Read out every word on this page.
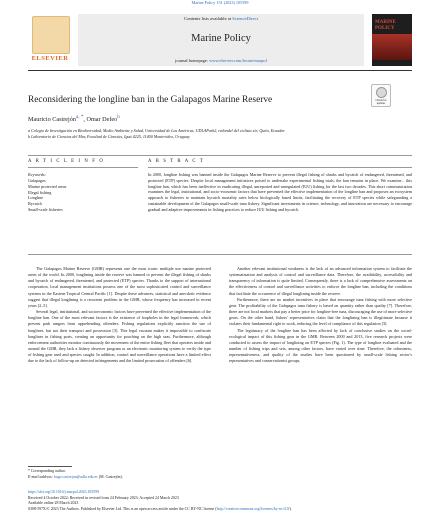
Marine Policy 151 (2023) 105599
ELSEVIER
Contents lists available at ScienceDirect
Marine Policy
journal homepage: www.elsevier.com/locate/marpol
MARINE POLICY
Check for updates
Reconsidering the longline ban in the Galapagos Marine Reserve
Mauricio Castrejón$^{a, *}$, Omar Defeo$^b$
a Colegio de Investigación en Biodiversidad, Medio Ambiente y Salud, Universidad de Las Américas, UDLAPark2, redondel del ciclista s/n, Quito, Ecuador
b Laboratorio de Ciencias del Mar, Facultad de Ciencias, Iguá 4225, 11400 Montevideo, Uruguay
A R T I C L E I N F O	A B S T R A C T
Keywords:
Galapagos
Marine protected areas
Illegal fishing
Longline
Bycatch
Small-scale fisheries
In 2000, longline fishing was banned inside the Galapagos Marine Reserve to prevent illegal fishing of sharks and bycatch of endangered, threatened, and protected (ETP) species. Despite local management initiatives poised to undertake experimental fishing trials, the ban remains in place. We examine... this longline ban, which has been ineffective in eradicating illegal, unreported and unregulated (IUU) fishing for the last two decades. This short communication examines the legal, institutional, and socio-economic factors that have prevented the effective implementation of the longline ban and proposes an ecosystem approach to fisheries to maintain bycatch mortality rates below biologically based limits, facilitating the recovery of ETP species while safeguarding a sustainable development of the Galapagos small-scale tuna fishery. Significant investments in science, technology, and innovation are necessary to encourage gradual and adaptive improvements in fishing practices to reduce IUU fishing and bycatch.

The Galapagos Marine Reserve (GMR) represents one the most iconic multiple use marine protected areas of the world. In 2000, longlining inside the reserve was banned to prevent the illegal fishing of sharks and bycatch of endangered, threatened, and protected (ETP) species. Thanks to the support of international cooperation, local management institutions possess one of the most sophisticated control and surveillance systems in the Eastern Tropical Central Pacific [1]. Despite these advances, statistical and anecdotic evidence suggest that illegal longlining is a recurrent problem in the GMR, whose frequency has increased in recent years [2–5].

Several legal, institutional, and socioeconomic factors have prevented the effective implementation of the longline ban. One of the most relevant factors is the existence of loopholes in the legal framework, which prevent park rangers from apprehending offenders. Fishing regulations explicitly sanction the use of longlines, but not their transport and possession [3]. This legal vacuum makes it impossible to confiscate longlines in fishing ports, creating an opportunity for poaching on the high seas. Furthermore, although enforcement authorities monitor continuously the movement of the entire fishing fleet that operates inside and around the GMR, they lack a fishery observer program or an electronic monitoring system to verify the type of fishing gear used and species caught. In addition, control and surveillance operations have a limited effect due to the lack of follow-up on detected infringements and the limited prosecution of offenders [6].

Another relevant institutional weakness is the lack of an advanced information system to facilitate the systematization and analysis of control and surveillance data. Therefore, the availability, accessibility and transparency of information is quite limited. Consequently, there is a lack of comprehensive assessments on the effectiveness of control and surveillance activities to enforce the longline ban, including the conditions that facilitate the occurrence of illegal longlining inside the reserve.

Furthermore, there are no market incentives in place that encourage tuna fishing with more selective gear. The profitability of the Galapagos tuna fishery is based on quantity rather than quality [7]. Therefore, there are not local markets that pay a better price for longline-free tuna, discouraging the use of more selective gears. On the other hand, fishers' representatives claim that the longlining ban is illegitimate because it violates their fundamental right to work, reducing the level of compliance of this regulation [3].

The legitimacy of the longline ban has been affected by lack of conclusive studies on the social-ecological impact of this fishing gear in the GMR. Between 2000 and 2013, five research projects were conducted to assess the impact of longlining on ETP species (Fig. 1). The type of longline evaluated and the number of fishing trips and sets, among other factors, have varied over time. Therefore, the robustness, representativeness, and quality of the studies have been questioned by small-scale fishing sector's representatives and conservationist groups,

* Corresponding author.
E-mail address: hugo.castrejon@udla.edu.ec (M. Castrejón).
https://doi.org/10.1016/j.marpol.2023.105599
Received 4 October 2022; Received in revised form 24 February 2023; Accepted 24 March 2023
Available online 28 March 2023
0308-597X/© 2023 The Authors. Published by Elsevier Ltd. This is an open access article under the CC BY-NC license (http://creativecommons.org/licenses/by-nc/4.0/).
